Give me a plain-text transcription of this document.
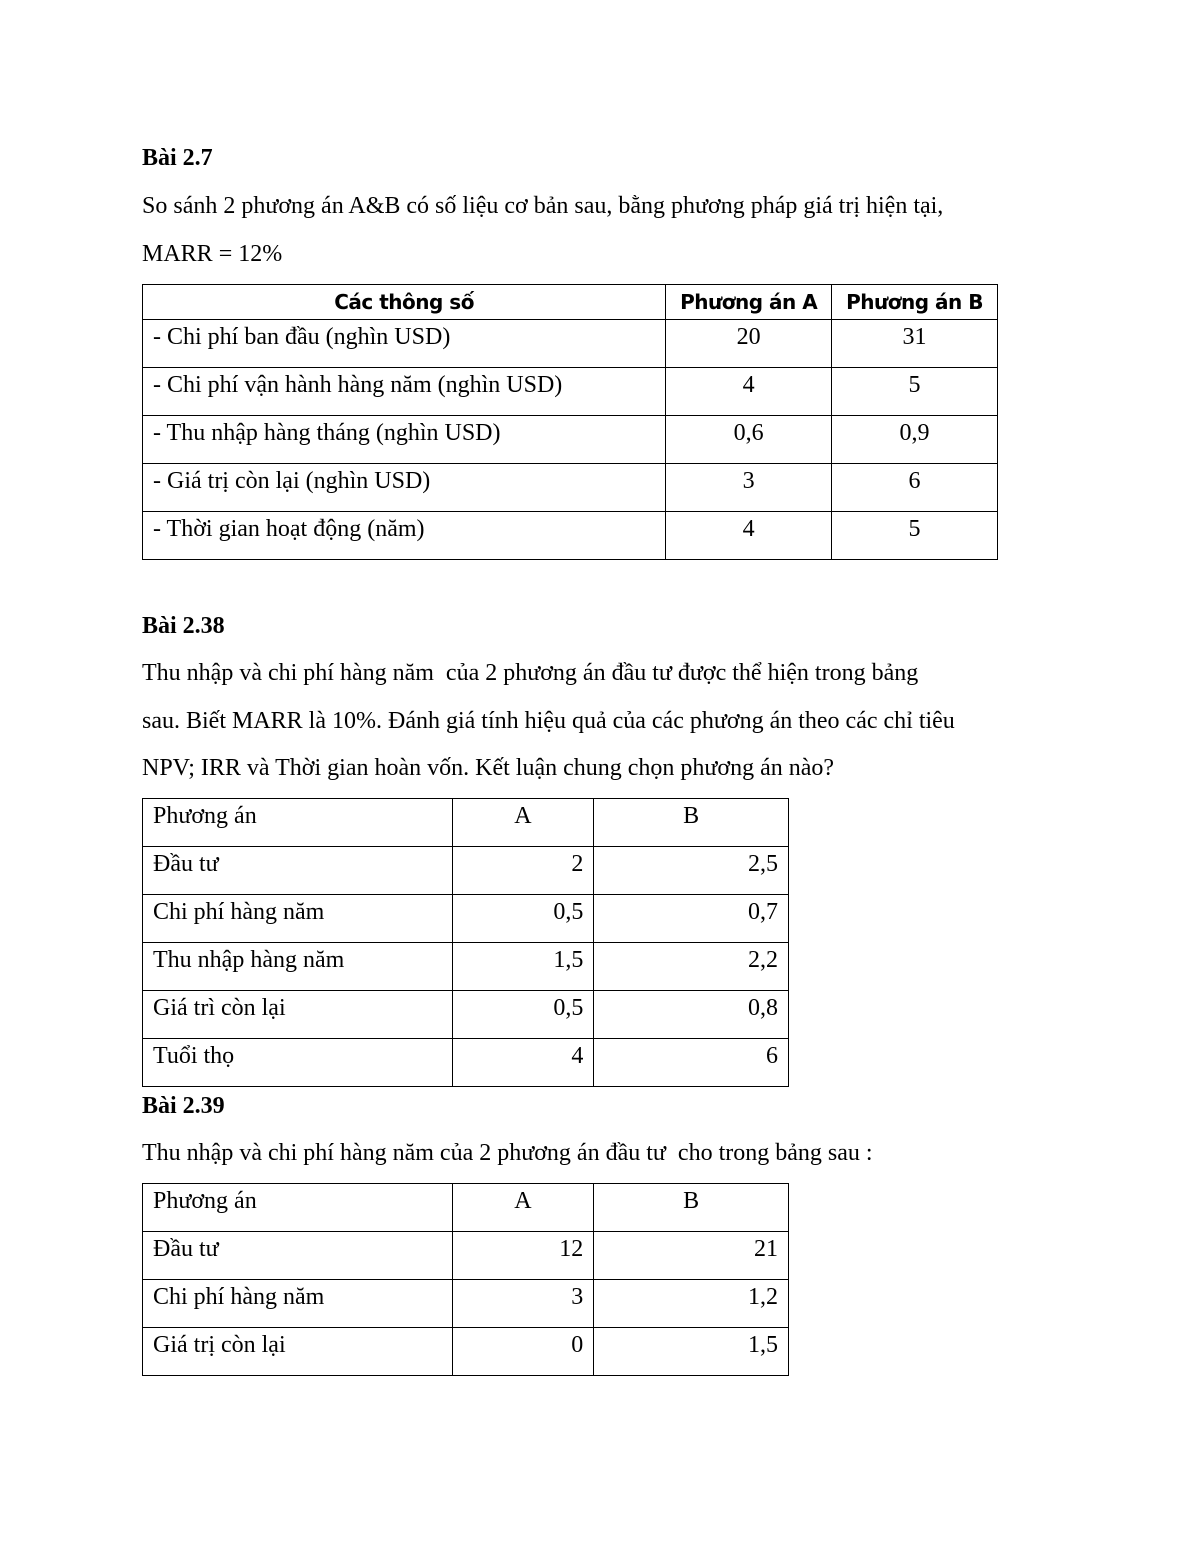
Bài 2.7
So sánh 2 phương án A&B có số liệu cơ bản sau, bằng phương pháp giá trị hiện tại,
MARR = 12%
Các thông số	Phương án A	Phương án B
- Chi phí ban đầu (nghìn USD)	20	31
- Chi phí vận hành hàng năm (nghìn USD)	4	5
- Thu nhập hàng tháng (nghìn USD)	0,6	0,9
- Giá trị còn lại (nghìn USD)	3	6
- Thời gian hoạt động (năm)	4	5
Bài 2.38
Thu nhập và chi phí hàng năm  của 2 phương án đầu tư được thể hiện trong bảng
sau. Biết MARR là 10%. Đánh giá tính hiệu quả của các phương án theo các chỉ tiêu
NPV; IRR và Thời gian hoàn vốn. Kết luận chung chọn phương án nào?
Phương án	A	B
Đầu tư	2	2,5
Chi phí hàng năm	0,5	0,7
Thu nhập hàng năm	1,5	2,2
Giá trì còn lại	0,5	0,8
Tuổi thọ	4	6
Bài 2.39
Thu nhập và chi phí hàng năm của 2 phương án đầu tư  cho trong bảng sau :
Phương án	A	B
Đầu tư	12	21
Chi phí hàng năm	3	1,2
Giá trị còn lại	0	1,5
